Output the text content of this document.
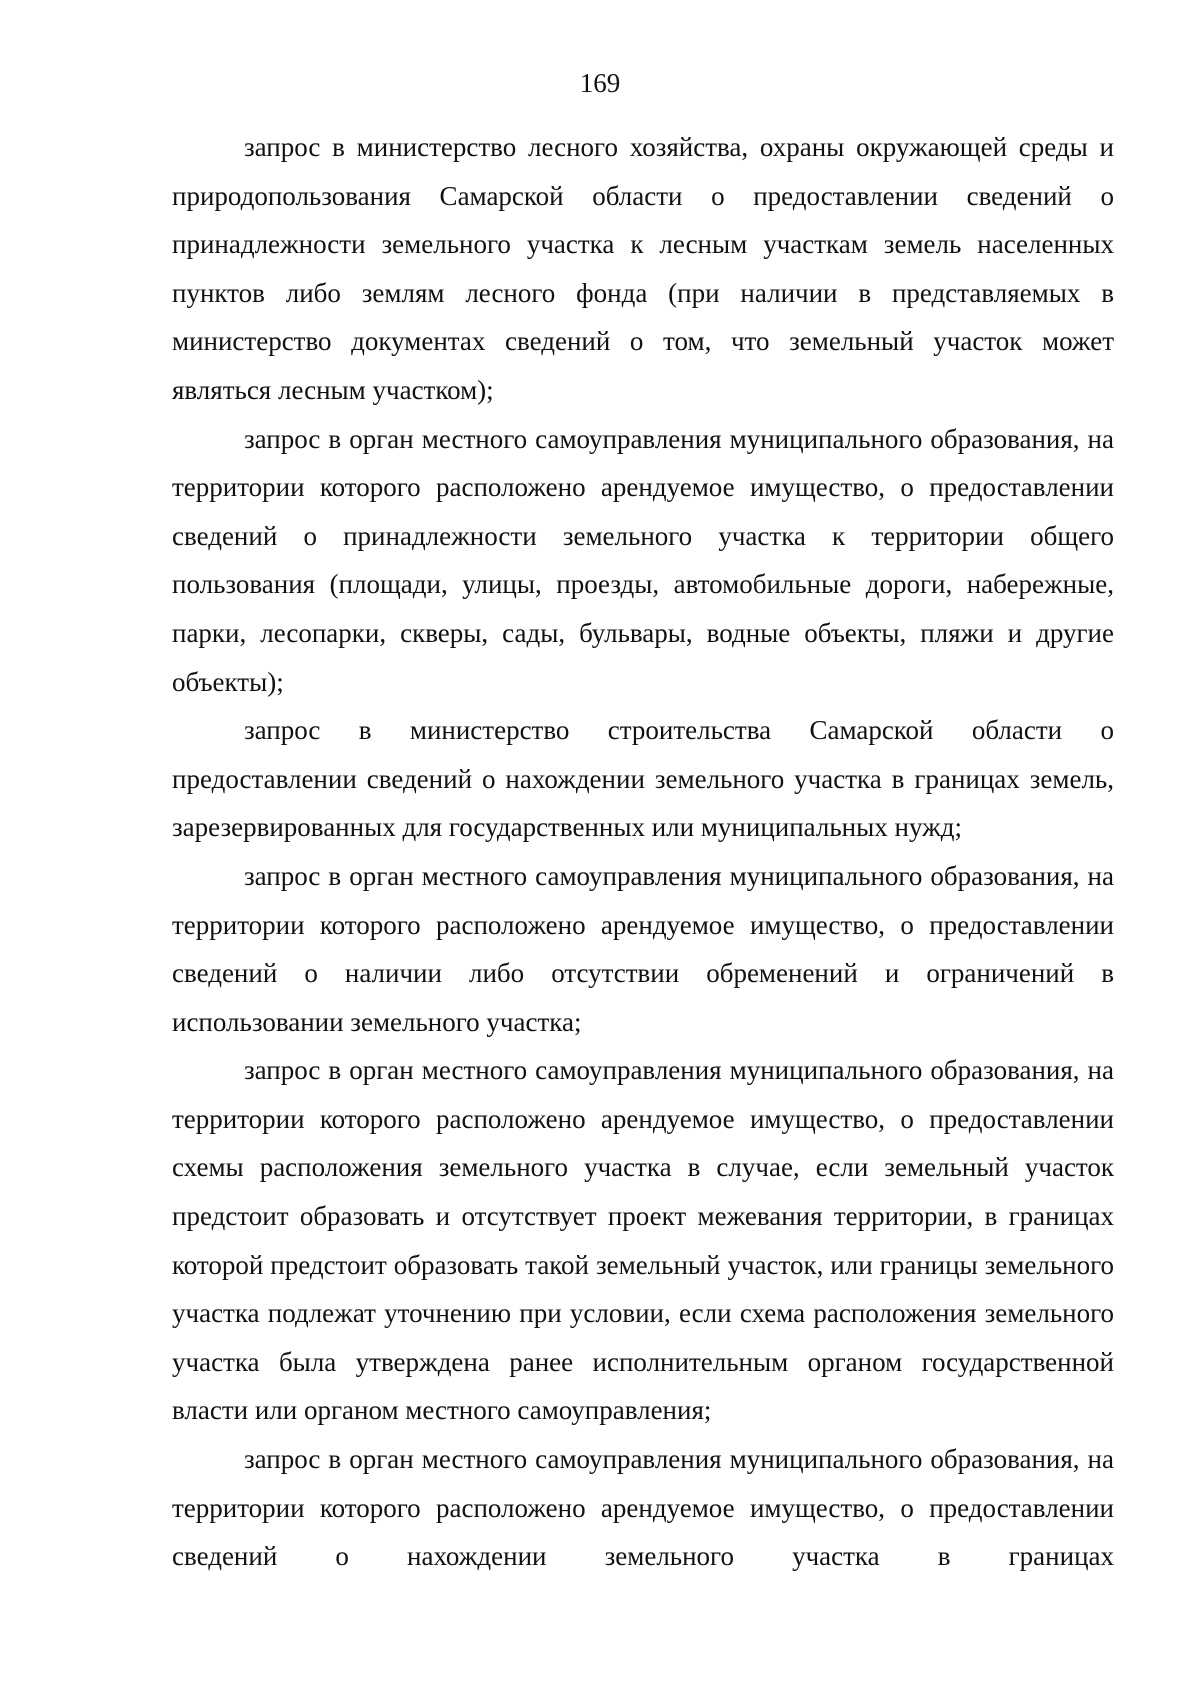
169

запрос в министерство лесного хозяйства, охраны окружающей среды и природопользования Самарской области о предоставлении сведений о принадлежности земельного участка к лесным участкам земель населенных пунктов либо землям лесного фонда (при наличии в представляемых в министерство документах сведений о том, что земельный участок может являться лесным участком);

запрос в орган местного самоуправления муниципального образования, на территории которого расположено арендуемое имущество, о предоставлении сведений о принадлежности земельного участка к территории общего пользования (площади, улицы, проезды, автомобильные дороги, набережные, парки, лесопарки, скверы, сады, бульвары, водные объекты, пляжи и другие объекты);

запрос в министерство строительства Самарской области о предоставлении сведений о нахождении земельного участка в границах земель, зарезервированных для государственных или муниципальных нужд;

запрос в орган местного самоуправления муниципального образования, на территории которого расположено арендуемое имущество, о предоставлении сведений о наличии либо отсутствии обременений и ограничений в использовании земельного участка;

запрос в орган местного самоуправления муниципального образования, на территории которого расположено арендуемое имущество, о предоставлении схемы расположения земельного участка в случае, если земельный участок предстоит образовать и отсутствует проект межевания территории, в границах которой предстоит образовать такой земельный участок, или границы земельного участка подлежат уточнению при условии, если схема расположения земельного участка была утверждена ранее исполнительным органом государственной власти или органом местного самоуправления;

запрос в орган местного самоуправления муниципального образования, на территории которого расположено арендуемое имущество, о предоставлении сведений о нахождении земельного участка в границах
